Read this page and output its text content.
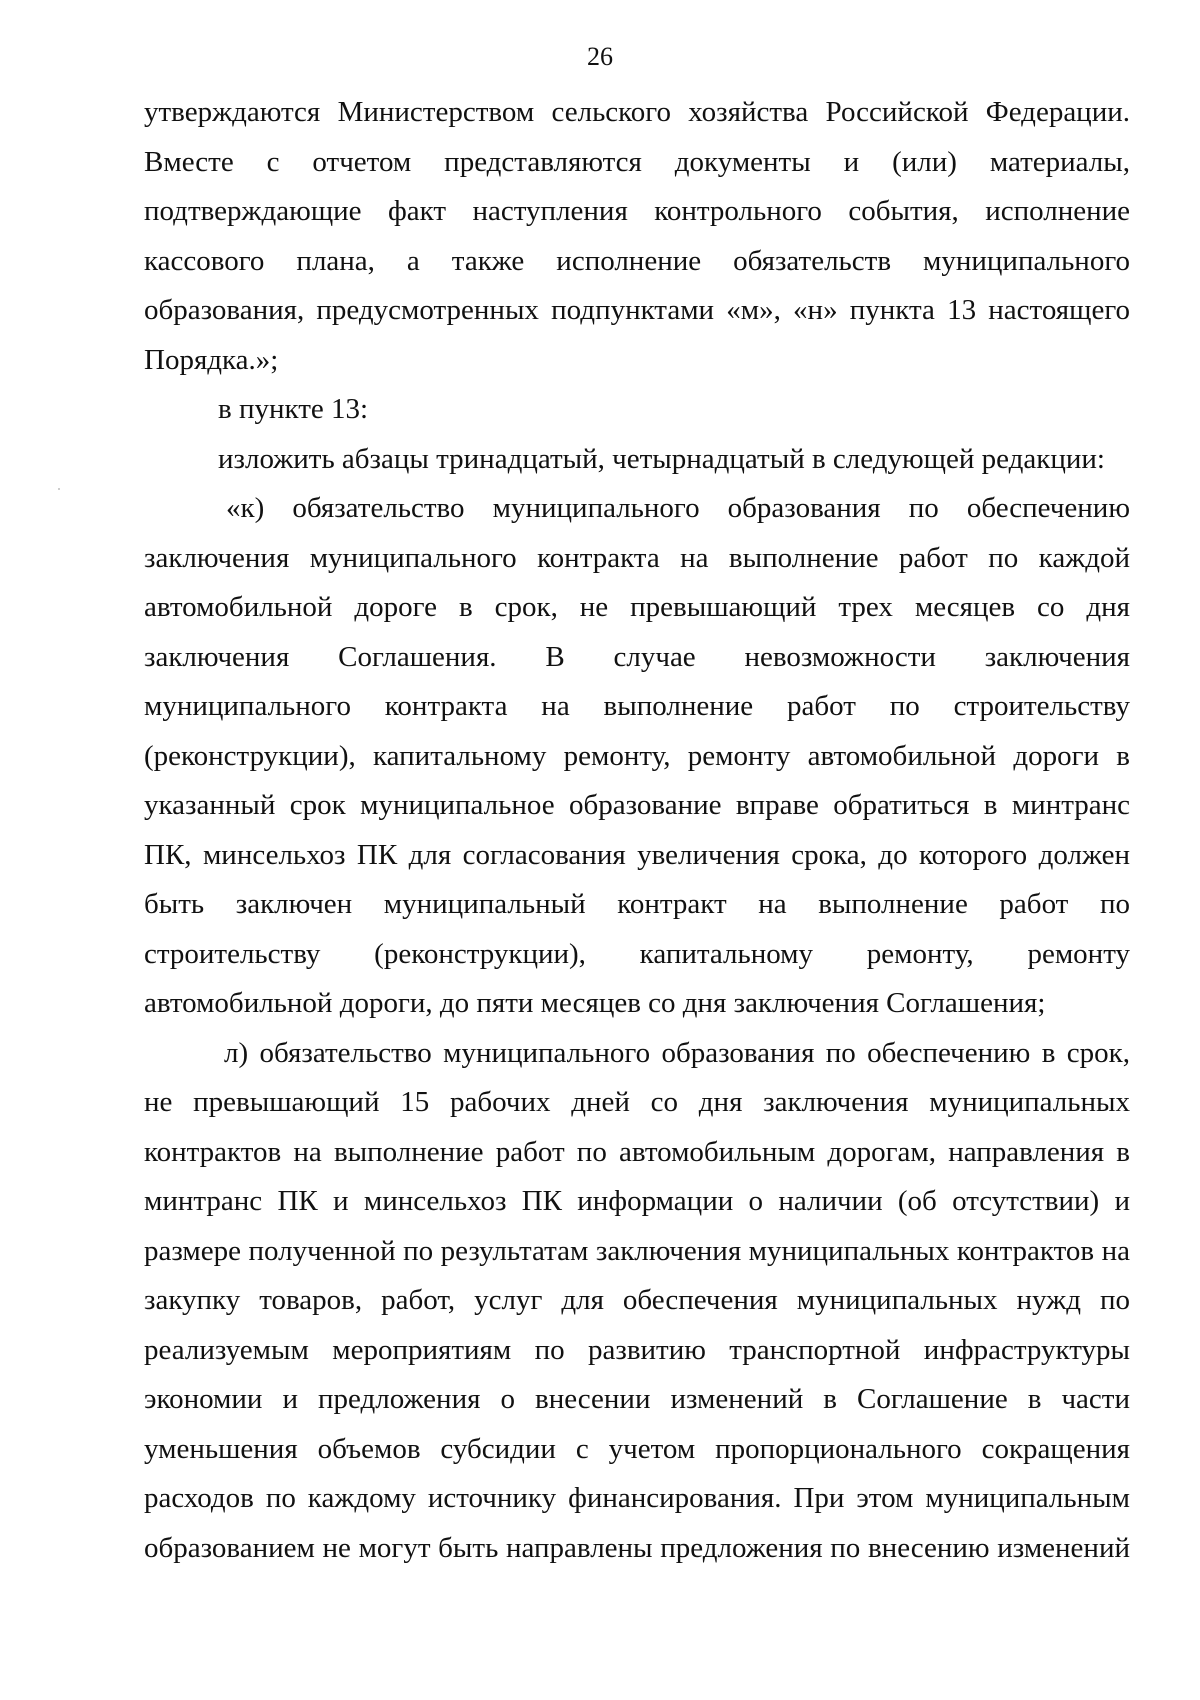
26

утверждаются Министерством сельского хозяйства Российской Федерации. Вместе с отчетом представляются документы и (или) материалы, подтверждающие факт наступления контрольного события, исполнение кассового плана, а также исполнение обязательств муниципального образования, предусмотренных подпунктами «м», «н» пункта 13 настоящего Порядка.»;

в пункте 13:

изложить абзацы тринадцатый, четырнадцатый в следующей редакции:

«к) обязательство муниципального образования по обеспечению заключения муниципального контракта на выполнение работ по каждой автомобильной дороге в срок, не превышающий трех месяцев со дня заключения Соглашения. В случае невозможности заключения муниципального контракта на выполнение работ по строительству (реконструкции), капитальному ремонту, ремонту автомобильной дороги в указанный срок муниципальное образование вправе обратиться в минтранс ПК, минсельхоз ПК для согласования увеличения срока, до которого должен быть заключен муниципальный контракт на выполнение работ по строительству (реконструкции), капитальному ремонту, ремонту автомобильной дороги, до пяти месяцев со дня заключения Соглашения;

л) обязательство муниципального образования по обеспечению в срок, не превышающий 15 рабочих дней со дня заключения муниципальных контрактов на выполнение работ по автомобильным дорогам, направления в минтранс ПК и минсельхоз ПК информации о наличии (об отсутствии) и размере полученной по результатам заключения муниципальных контрактов на закупку товаров, работ, услуг для обеспечения муниципальных нужд по реализуемым мероприятиям по развитию транспортной инфраструктуры экономии и предложения о внесении изменений в Соглашение в части уменьшения объемов субсидии с учетом пропорционального сокращения расходов по каждому источнику финансирования. При этом муниципальным образованием не могут быть направлены предложения по внесению изменений
